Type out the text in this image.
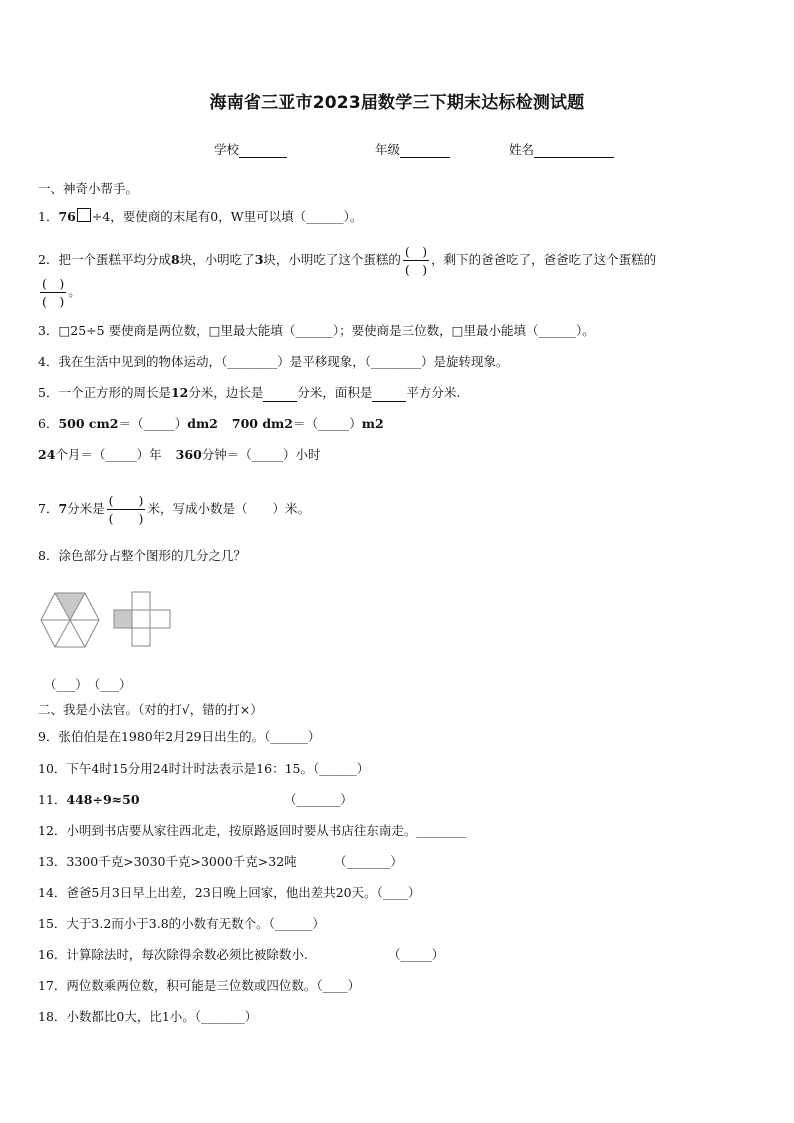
海南省三亚市2023届数学三下期末达标检测试题
学校	年级	姓名
一、神奇小帮手。
1．76 ÷4，要使商的末尾有0，W里可以填（______）。
2．把一个蛋糕平均分成8块，小明吃了3块，小明吃了这个蛋糕的 $\frac{( )}{( )}$ ，剩下的爸爸吃了，爸爸吃了这个蛋糕的
$\frac{( )}{( )}$ 。
3．□25÷5 要使商是两位数，□里最大能填（______）；要使商是三位数，□里最小能填（______）。
4．我在生活中见到的物体运动，（________）是平移现象，（________）是旋转现象。
5．一个正方形的周长是12分米，边长是	分米，面积是	平方分米.
6．500 cm2＝（_____）dm2 700 dm2＝（_____）m2
24个月＝（_____）年 360分钟＝（_____）小时
7．7分米是 $\frac{( )}{( )}$ 米，写成小数是（　　）米。
8．涂色部分占整个图形的几分之几？
（___）　（___）
二、我是小法官。（对的打√，错的打×）
9．张伯伯是在1980年2月29日出生的。（______）
10．下午4时15分用24时计时法表示是16：15。（______）
11．448÷9≈50	（_______）
12．小明到书店要从家往西北走，按原路返回时要从书店往东南走。________
13．3300千克>3030千克>3000千克>32吨	（_______）
14．爸爸5月3日早上出差，23日晚上回家，他出差共20天。（____）
15．大于3.2而小于3.8的小数有无数个。（______）
16．计算除法时，每次除得余数必须比被除数小.	（_____）
17．两位数乘两位数，积可能是三位数或四位数。（____）
18．小数都比0大，比1小。（_______）
